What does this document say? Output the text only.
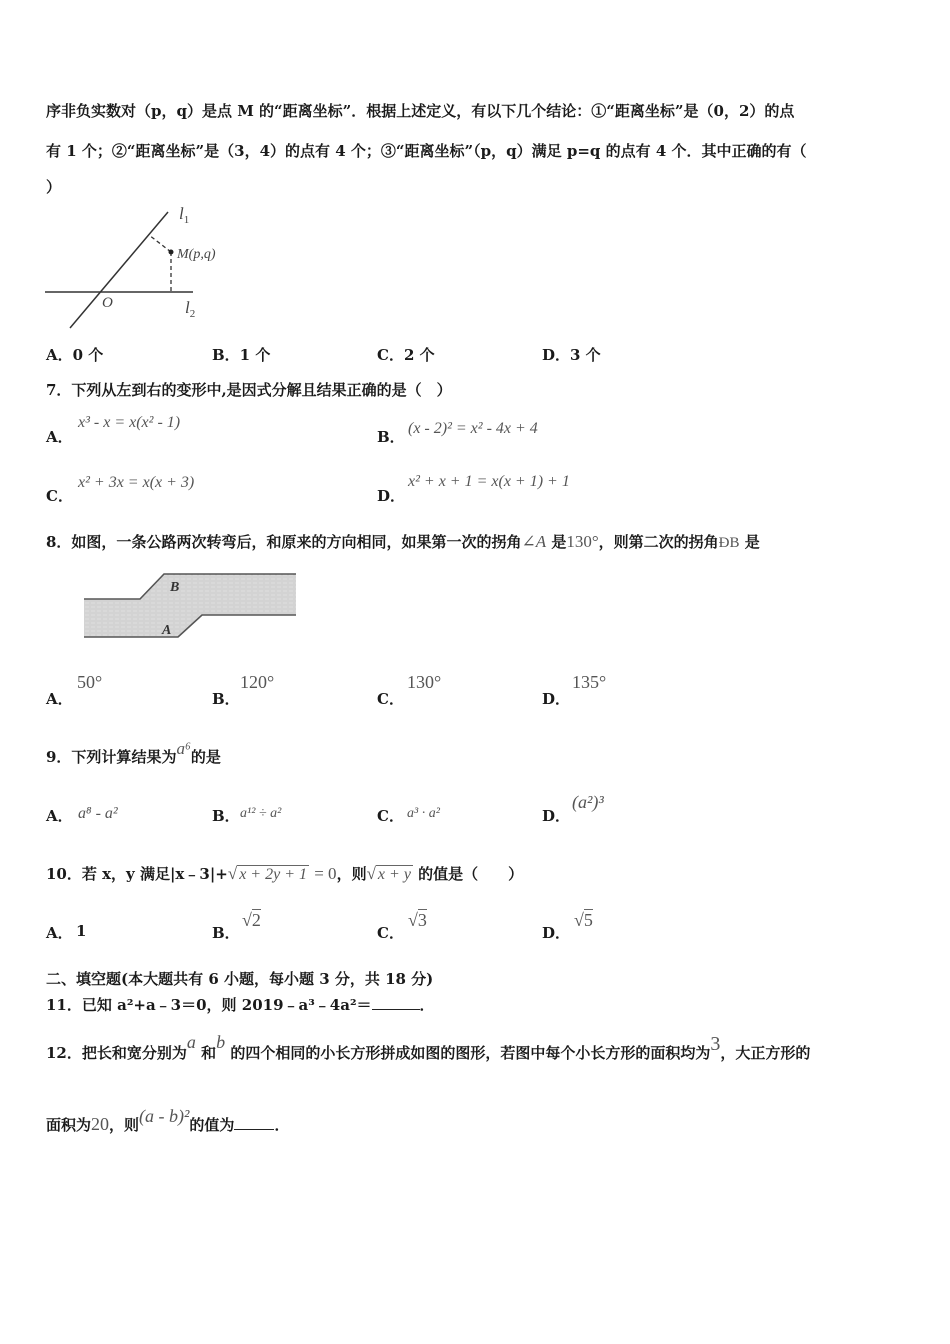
序非负实数对（p，q）是点 M 的“距离坐标”．根据上述定义，有以下几个结论：①“距离坐标”是（0，2）的点
有 1 个；②“距离坐标”是（3，4）的点有 4 个；③“距离坐标”（p，q）满足 p=q 的点有 4 个．其中正确的有（
）
$l_1$
M(p,q)
O	$l_2$
A．0 个	B．1 个	C．2 个	D．3 个
7．下列从左到右的变形中,是因式分解且结果正确的是（　）
A．
x³ - x = x(x² - 1)
B． (x - 2)² = x² - 4x + 4
C．
x² + 3x = x(x + 3)
D．
x² + x + 1 = x(x + 1) + 1
8．如图，一条公路两次转弯后，和原来的方向相同，如果第一次的拐角∠A 是130°，则第二次的拐角ÐB 是
B
A
A．
50°
B．
120°
C．
130°
D．
135°
9．下列计算结果为a⁶的是
A． a⁸ - a²	B． a¹² ÷ a²	C． a³ · a²	D．
(a²)³
10．若 x，y 满足|x﹣3|+√ x + 2y + 1 = 0，则√ x + y 的值是（　　）
A． 1	B．
√2
C．
√3
D．
√5
二、填空题(本大题共有 6 小题，每小题 3 分，共 18 分)
11．已知 a²+a﹣3＝0，则 2019﹣a³﹣4a²＝	．
12．把长和宽分别为a 和b 的四个相同的小长方形拼成如图的图形，若图中每个小长方形的面积均为3，大正方形的
面积为20，则(a - b)²的值为	．
